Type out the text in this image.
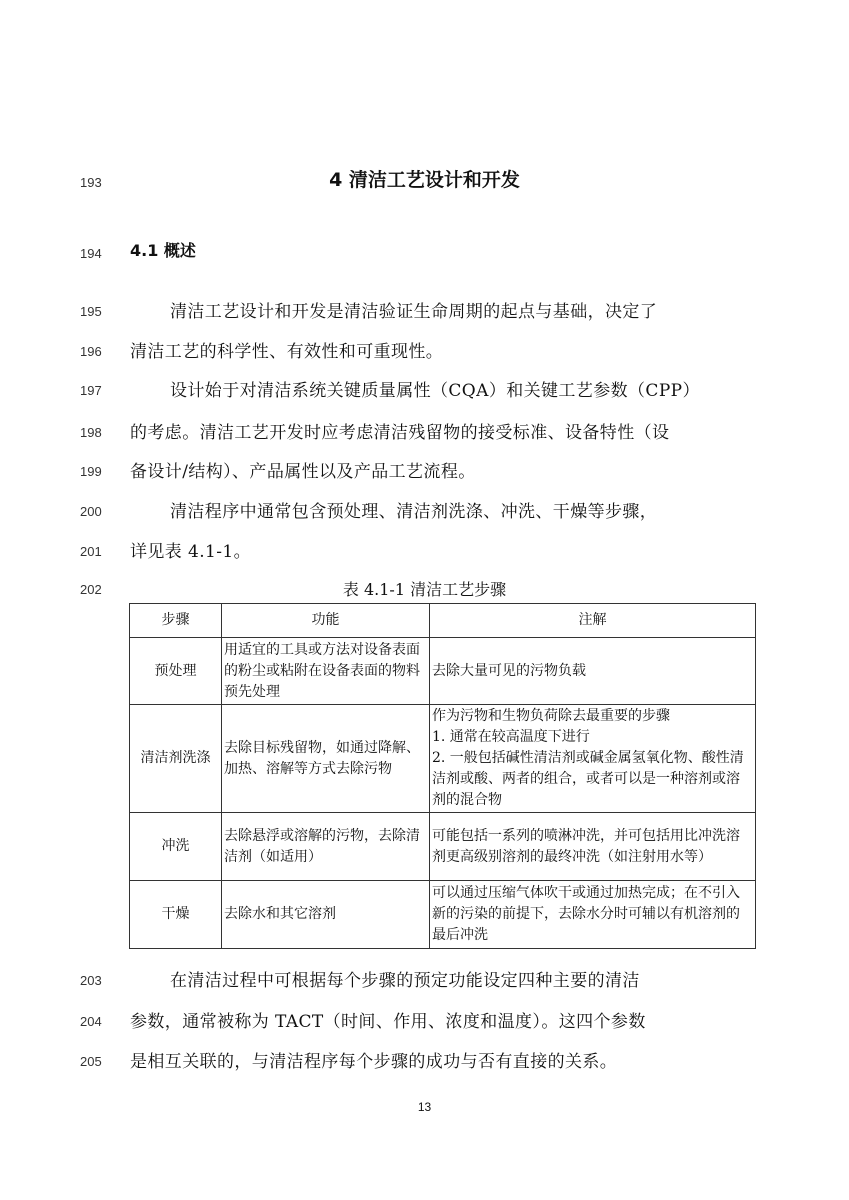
193
194
195
196
197
198
199
200
201
202
203
204
205
4 清洁工艺设计和开发
4.1 概述
清洁工艺设计和开发是清洁验证生命周期的起点与基础，决定了
清洁工艺的科学性、有效性和可重现性。
设计始于对清洁系统关键质量属性（CQA）和关键工艺参数（CPP）
的考虑。清洁工艺开发时应考虑清洁残留物的接受标准、设备特性（设
备设计/结构）、产品属性以及产品工艺流程。
清洁程序中通常包含预处理、清洁剂洗涤、冲洗、干燥等步骤，
详见表 4.1-1。
表 4.1-1 清洁工艺步骤
步骤	功能	注解
预处理	用适宜的工具或方法对设备表面的粉尘或粘附在设备表面的物料预先处理	去除大量可见的污物负载

清洁剂洗涤	去除目标残留物，如通过降解、加热、溶解等方式去除污物	作为污物和生物负荷除去最重要的步骤
1. 通常在较高温度下进行
2. 一般包括碱性清洁剂或碱金属氢氧化物、酸性清洁剂或酸、两者的组合，或者可以是一种溶剂或溶剂的混合物

冲洗	去除悬浮或溶解的污物，去除清洁剂（如适用）	可能包括一系列的喷淋冲洗，并可包括用比冲洗溶剂更高级别溶剂的最终冲洗（如注射用水等）

干燥	去除水和其它溶剂	可以通过压缩气体吹干或通过加热完成；在不引入新的污染的前提下，去除水分时可辅以有机溶剂的最后冲洗
在清洁过程中可根据每个步骤的预定功能设定四种主要的清洁
参数，通常被称为 TACT（时间、作用、浓度和温度）。这四个参数
是相互关联的，与清洁程序每个步骤的成功与否有直接的关系。
13
